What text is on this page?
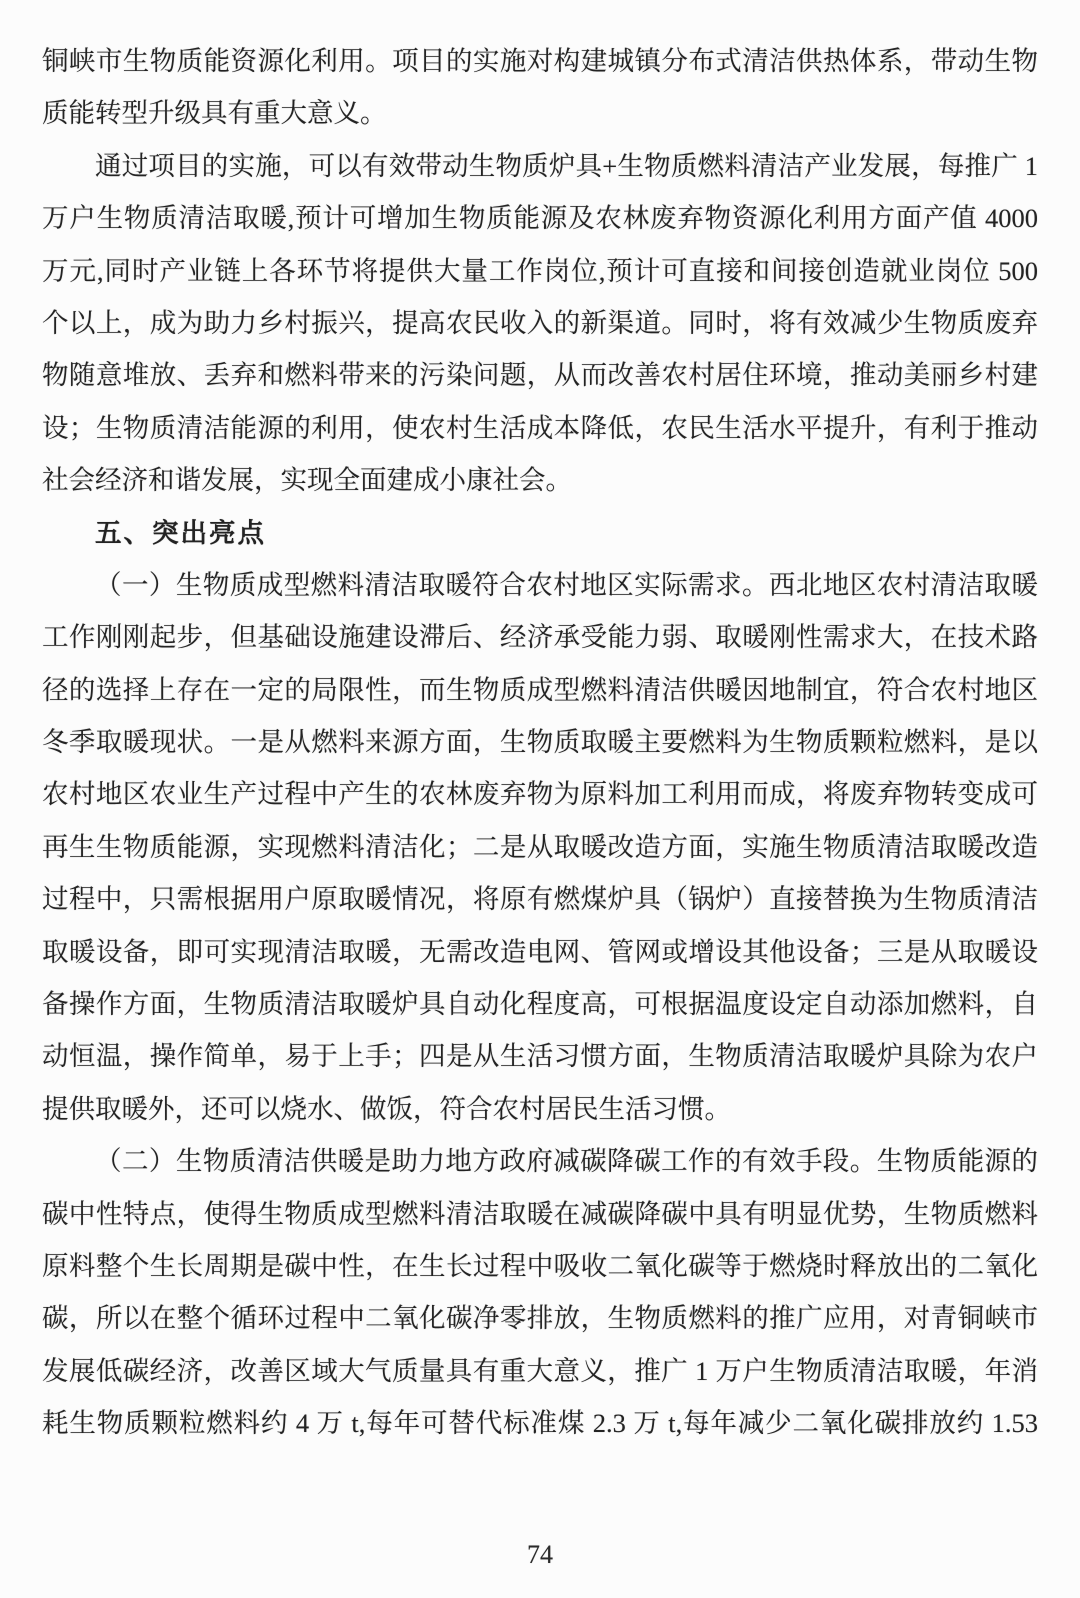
铜峡市生物质能资源化利用。项目的实施对构建城镇分布式清洁供热体系，带动生物
质能转型升级具有重大意义。
通过项目的实施，可以有效带动生物质炉具+生物质燃料清洁产业发展，每推广 1
万户生物质清洁取暖,预计可增加生物质能源及农林废弃物资源化利用方面产值 4000
万元,同时产业链上各环节将提供大量工作岗位,预计可直接和间接创造就业岗位 500
个以上，成为助力乡村振兴，提高农民收入的新渠道。同时，将有效减少生物质废弃
物随意堆放、丢弃和燃料带来的污染问题，从而改善农村居住环境，推动美丽乡村建
设；生物质清洁能源的利用，使农村生活成本降低，农民生活水平提升，有利于推动
社会经济和谐发展，实现全面建成小康社会。
五、突出亮点
（一）生物质成型燃料清洁取暖符合农村地区实际需求。西北地区农村清洁取暖
工作刚刚起步，但基础设施建设滞后、经济承受能力弱、取暖刚性需求大，在技术路
径的选择上存在一定的局限性，而生物质成型燃料清洁供暖因地制宜，符合农村地区
冬季取暖现状。一是从燃料来源方面，生物质取暖主要燃料为生物质颗粒燃料，是以
农村地区农业生产过程中产生的农林废弃物为原料加工利用而成，将废弃物转变成可
再生生物质能源，实现燃料清洁化；二是从取暖改造方面，实施生物质清洁取暖改造
过程中，只需根据用户原取暖情况，将原有燃煤炉具（锅炉）直接替换为生物质清洁
取暖设备，即可实现清洁取暖，无需改造电网、管网或增设其他设备；三是从取暖设
备操作方面，生物质清洁取暖炉具自动化程度高，可根据温度设定自动添加燃料，自
动恒温，操作简单，易于上手；四是从生活习惯方面，生物质清洁取暖炉具除为农户
提供取暖外，还可以烧水、做饭，符合农村居民生活习惯。
（二）生物质清洁供暖是助力地方政府减碳降碳工作的有效手段。生物质能源的
碳中性特点，使得生物质成型燃料清洁取暖在减碳降碳中具有明显优势，生物质燃料
原料整个生长周期是碳中性，在生长过程中吸收二氧化碳等于燃烧时释放出的二氧化
碳，所以在整个循环过程中二氧化碳净零排放，生物质燃料的推广应用，对青铜峡市
发展低碳经济，改善区域大气质量具有重大意义，推广 1 万户生物质清洁取暖，年消
耗生物质颗粒燃料约 4 万 t,每年可替代标准煤 2.3 万 t,每年减少二氧化碳排放约 1.53
74
